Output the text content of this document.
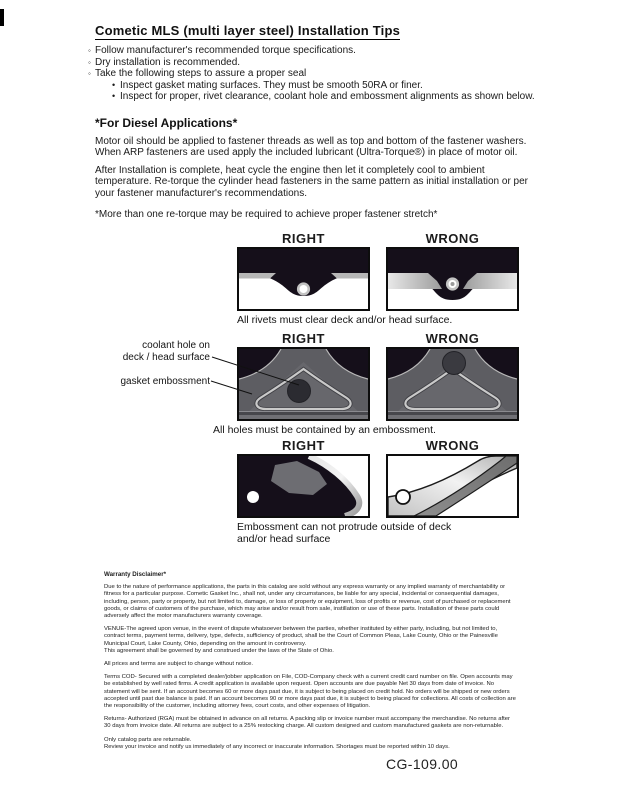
Cometic MLS (multi layer steel) Installation Tips
◦ Follow manufacturer's recommended torque specifications.
◦ Dry installation is recommended.
◦ Take the following steps to assure a proper seal
• Inspect gasket mating surfaces. They must be smooth 50RA or finer.
• Inspect for proper, rivet clearance, coolant hole and embossment alignments as shown below.
*For Diesel Applications*

Motor oil should be applied to fastener threads as well as top and bottom of the fastener washers. When ARP fasteners are used apply the included lubricant (Ultra-Torque®) in place of motor oil.

After Installation is complete, heat cycle the engine then let it completely cool to ambient temperature. Re-torque the cylinder head fasteners in the same pattern as initial installation or per your fastener manufacturer's recommendations.

*More than one re-torque may be required to achieve proper fastener stretch*

RIGHT	WRONG
All rivets must clear deck and/or head surface.
RIGHT	WRONG
All holes must be contained by an embossment.
coolant hole on
deck / head surface
gasket embossment
RIGHT	WRONG
Embossment can not protrude outside of deck
and/or head surface
Warranty Disclaimer*

Due to the nature of performance applications, the parts in this catalog are sold without any express warranty or any implied warranty of merchantability or fitness for a particular purpose. Cometic Gasket Inc., shall not, under any circumstances, be liable for any special, incidental or consequential damages, including, person, party or property, but not limited to, damage, or loss of property or equipment, loss of profits or revenue, cost of purchased or replacement goods, or claims of customers of the purchase, which may arise and/or result from sale, instillation or use of these parts. Installation of these parts could adversely affect the motor manufacturers warranty coverage.

VENUE-The agreed upon venue, in the event of dispute whatsoever between the parties, whether instituted by either party, including, but not limited to, contract terms, payment terms, delivery, type, defects, sufficiency of product, shall be the Court of Common Pleas, Lake County, Ohio or the Painesville Municipal Court, Lake County, Ohio, depending on the amount in controversy.

This agreement shall be governed by and construed under the laws of the State of Ohio.

All prices and terms are subject to change without notice.

Terms COD- Secured with a completed dealer/jobber application on File, COD-Company check with a current credit card number on file. Open accounts may be established by well rated firms. A credit application is available upon request. Open accounts are due payable Net 30 days from date of invoice. No statement will be sent. If an account becomes 60 or more days past due, it is subject to being placed on credit hold. No orders will be shipped or new orders accepted until past due balance is paid. If an account becomes 90 or more days past due, it is subject to being placed for collections. All costs of collection are the responsibility of the customer, including attorney fees, court costs, and other expenses of litigation.

Returns- Authorized (RGA) must be obtained in advance on all returns. A packing slip or invoice number must accompany the merchandise. No returns after 30 days from invoice date. All returns are subject to a 25% restocking charge. All custom designed and custom manufactured gaskets are non-returnable.

Only catalog parts are returnable.

Review your invoice and notify us immediately of any incorrect or inaccurate information. Shortages must be reported within 10 days.

CG-109.00
